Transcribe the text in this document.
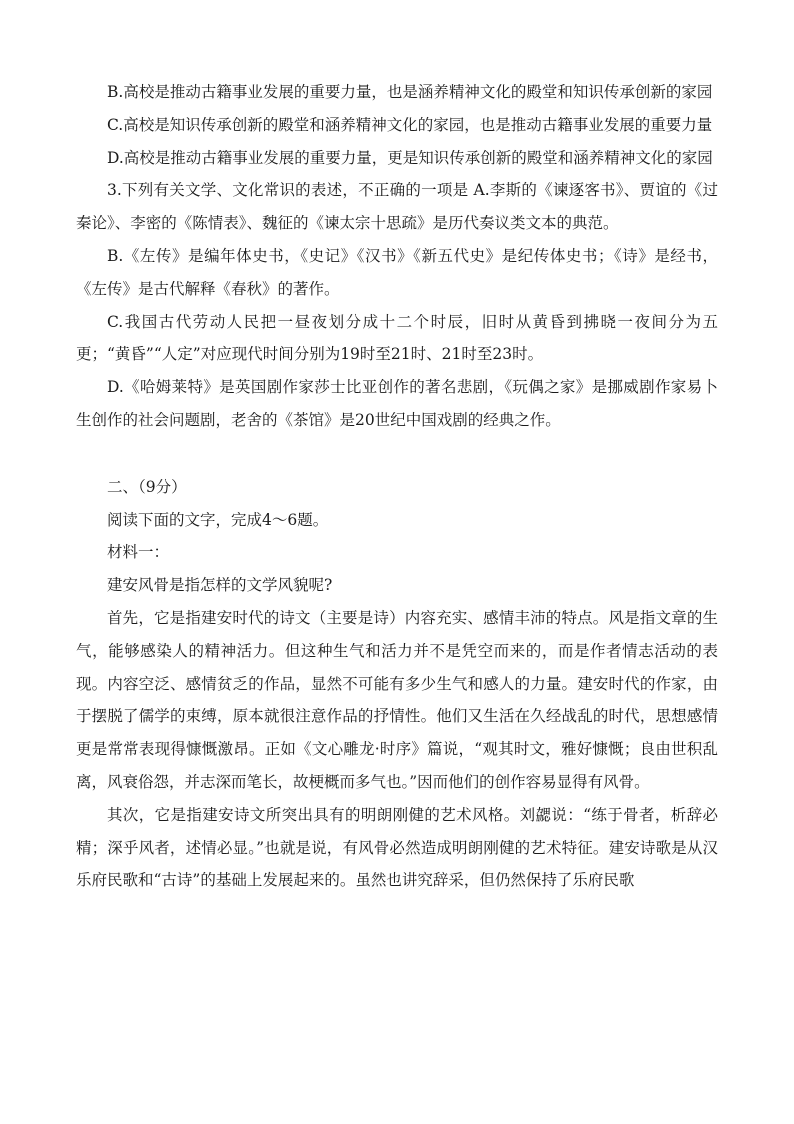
B.高校是推动古籍事业发展的重要力量，也是涵养精神文化的殿堂和知识传承创新的家园

C.高校是知识传承创新的殿堂和涵养精神文化的家园，也是推动古籍事业发展的重要力量

D.高校是推动古籍事业发展的重要力量，更是知识传承创新的殿堂和涵养精神文化的家园

3.下列有关文学、文化常识的表述，不正确的一项是 A.李斯的《谏逐客书》、贾谊的《过秦论》、李密的《陈情表》、魏征的《谏太宗十思疏》是历代奏议类文本的典范。

B.《左传》是编年体史书，《史记》《汉书》《新五代史》是纪传体史书；《诗》是经书，《左传》是古代解释《春秋》的著作。

C.我国古代劳动人民把一昼夜划分成十二个时辰，旧时从黄昏到拂晓一夜间分为五更；“黄昏”“人定”对应现代时间分别为19时至21时、21时至23时。

D.《哈姆莱特》是英国剧作家莎士比亚创作的著名悲剧，《玩偶之家》是挪威剧作家易卜生创作的社会问题剧，老舍的《茶馆》是20世纪中国戏剧的经典之作。

二、（9分）

阅读下面的文字，完成4～6题。

材料一：

建安风骨是指怎样的文学风貌呢?

首先，它是指建安时代的诗文（主要是诗）内容充实、感情丰沛的特点。风是指文章的生气，能够感染人的精神活力。但这种生气和活力并不是凭空而来的，而是作者情志活动的表现。内容空泛、感情贫乏的作品，显然不可能有多少生气和感人的力量。建安时代的作家，由于摆脱了儒学的束缚，原本就很注意作品的抒情性。他们又生活在久经战乱的时代，思想感情更是常常表现得慷慨激昂。正如《文心雕龙·时序》篇说，“观其时文，雅好慷慨；良由世积乱离，风衰俗怨，并志深而笔长，故梗概而多气也。”因而他们的创作容易显得有风骨。

其次，它是指建安诗文所突出具有的明朗刚健的艺术风格。刘勰说：“练于骨者，析辞必精；深乎风者，述情必显。”也就是说，有风骨必然造成明朗刚健的艺术特征。建安诗歌是从汉乐府民歌和“古诗”的基础上发展起来的。虽然也讲究辞采，但仍然保持了乐府民歌
